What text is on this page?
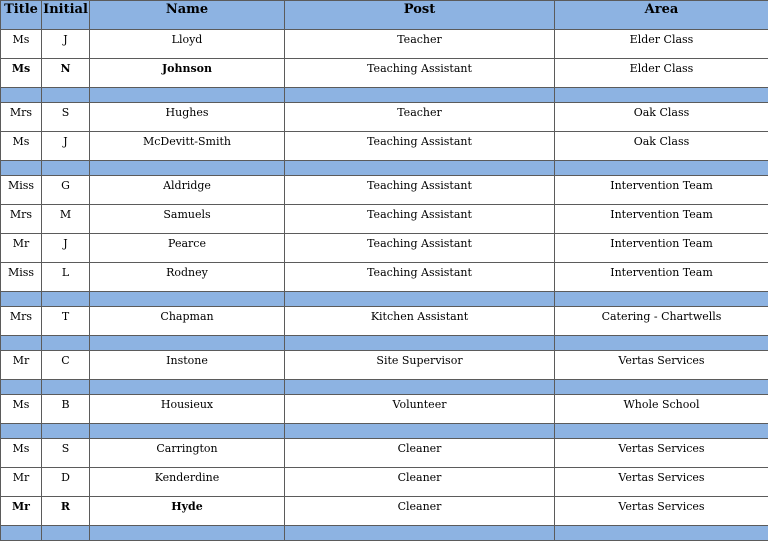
Title	Initial	Name	Post	Area
Ms	J	Lloyd	Teacher	Elder Class
Ms	N	Johnson	Teaching Assistant	Elder Class

Mrs	S	Hughes	Teacher	Oak Class
Ms	J	McDevitt-Smith	Teaching Assistant	Oak Class

Miss	G	Aldridge	Teaching Assistant	Intervention Team
Mrs	M	Samuels	Teaching Assistant	Intervention Team
Mr	J	Pearce	Teaching Assistant	Intervention Team
Miss	L	Rodney	Teaching Assistant	Intervention Team

Mrs	T	Chapman	Kitchen Assistant	Catering - Chartwells

Mr	C	Instone	Site Supervisor	Vertas Services

Ms	B	Housieux	Volunteer	Whole School

Ms	S	Carrington	Cleaner	Vertas Services
Mr	D	Kenderdine	Cleaner	Vertas Services
Mr	R	Hyde	Cleaner	Vertas Services
